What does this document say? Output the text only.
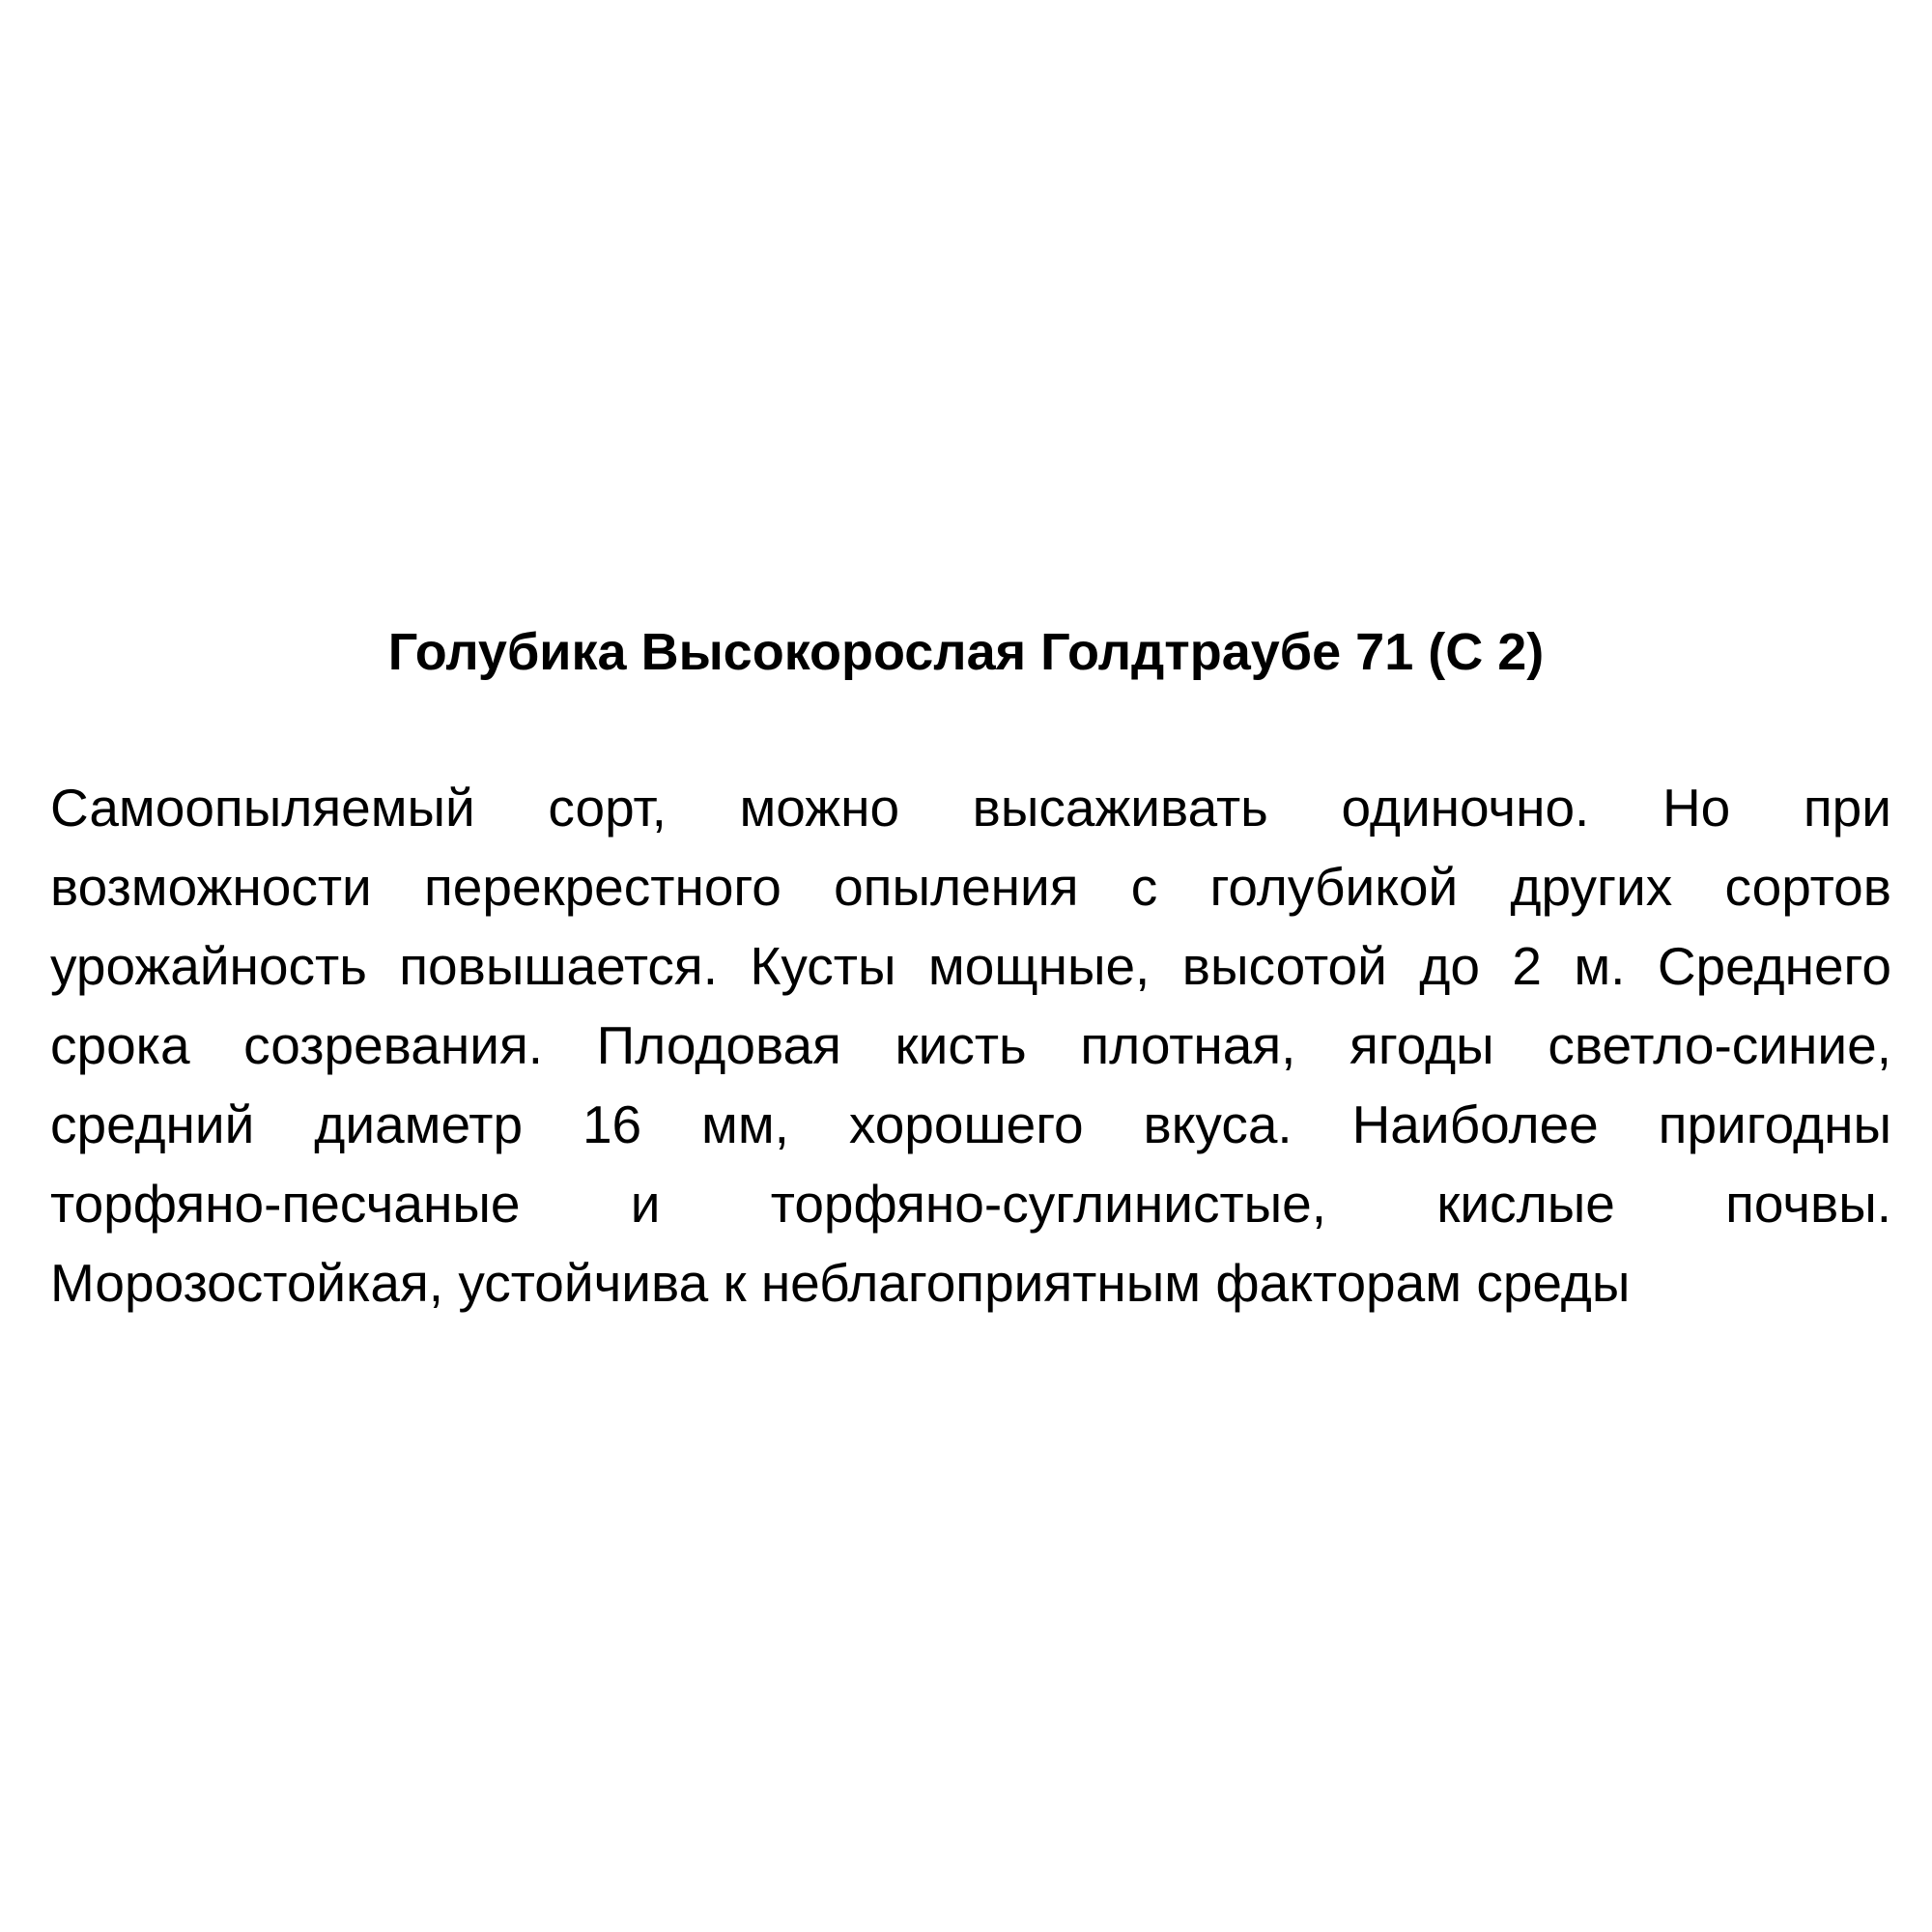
Голубика Высокорослая Голдтраубе 71 (С 2)
Самоопыляемый сорт, можно высаживать одиночно. Но при
возможности перекрестного опыления с голубикой других сортов
урожайность повышается. Кусты мощные, высотой до 2 м. Среднего
срока созревания. Плодовая кисть плотная, ягоды светло-синие,
средний диаметр 16 мм, хорошего вкуса. Наиболее пригодны
торфяно-песчаные и торфяно-суглинистые, кислые почвы.
Морозостойкая, устойчива к неблагоприятным факторам среды
